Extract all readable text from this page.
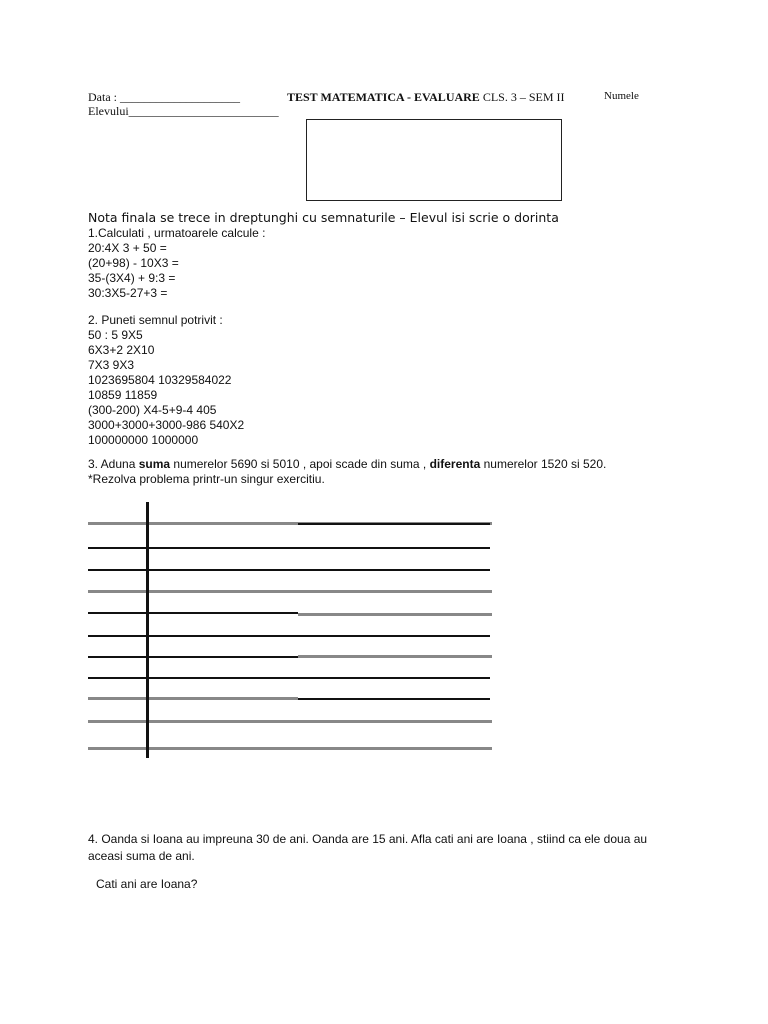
Data : ____________________	TEST MATEMATICA - EVALUARE CLS. 3 – SEM II	Numele
Elevului_________________________
Nota finala se trece in dreptunghi cu semnaturile – Elevul isi scrie o dorinta
1.Calculati , urmatoarele calcule :
20:4X 3 + 50 =
(20+98) - 10X3 =
35-(3X4) + 9:3 =
30:3X5-27+3 =
2. Puneti semnul potrivit :
50 : 5 9X5
6X3+2 2X10
7X3 9X3
1023695804 10329584022
10859 11859
(300-200) X4-5+9-4 405
3000+3000+3000-986 540X2
100000000 1000000
3. Aduna suma numerelor 5690 si 5010 , apoi scade din suma , diferenta numerelor 1520 si 520.
*Rezolva problema printr-un singur exercitiu.
4. Oanda si Ioana au impreuna 30 de ani. Oanda are 15 ani. Afla cati ani are Ioana , stiind ca ele doua au
aceasi suma de ani.
Cati ani are Ioana?
